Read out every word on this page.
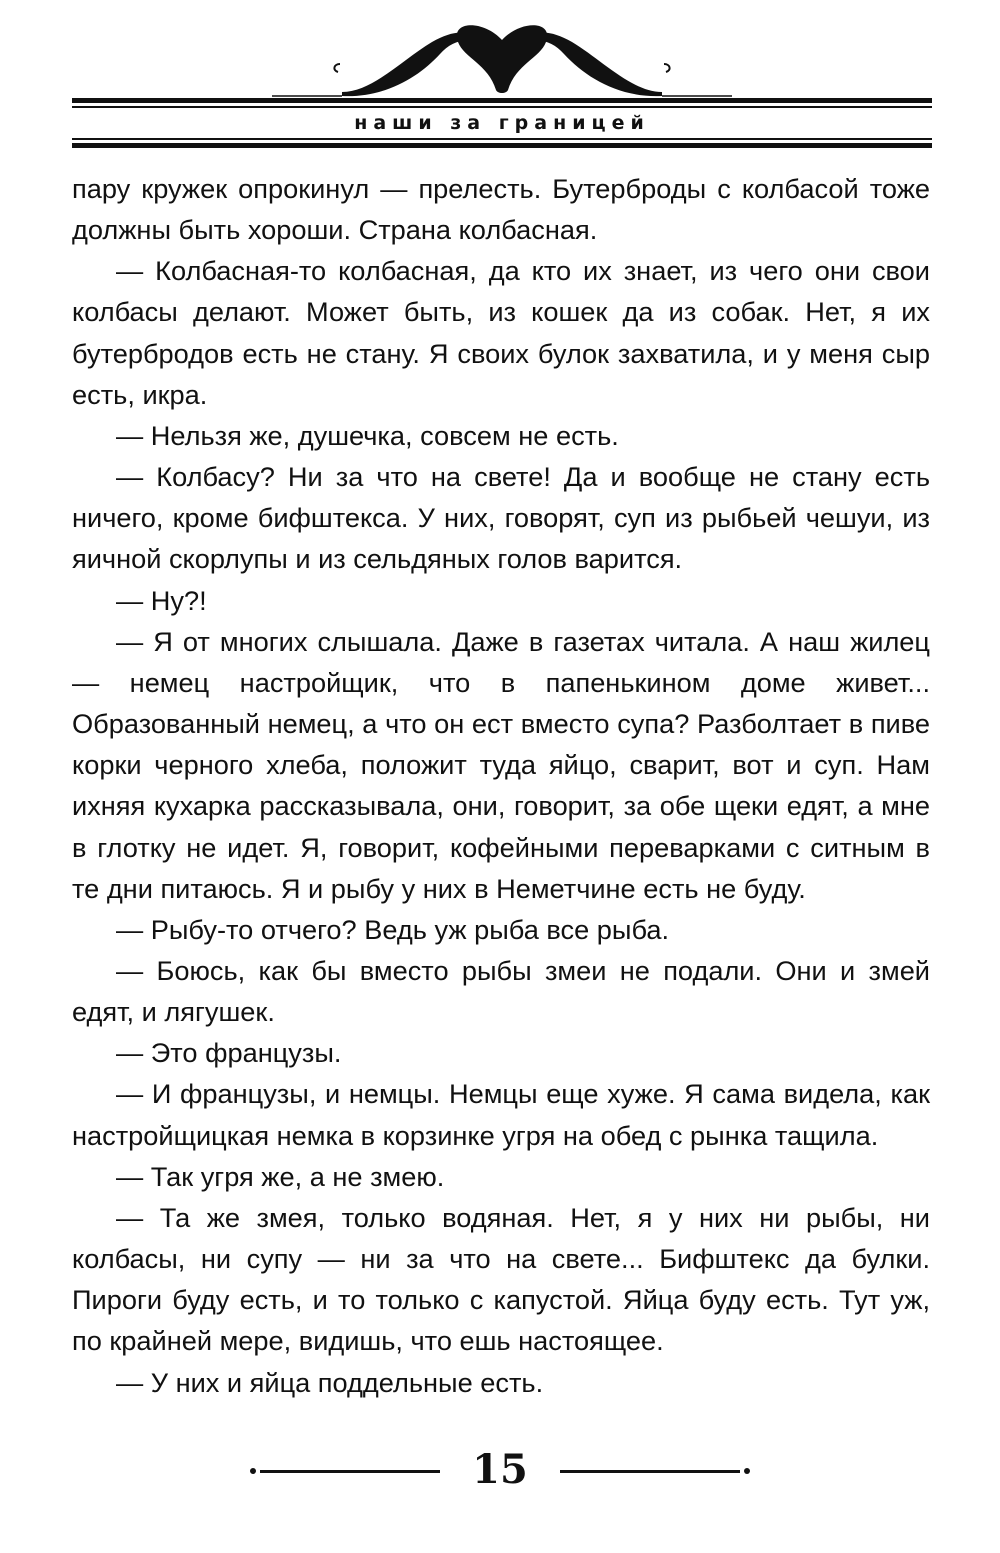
наши за границей

пару кружек опрокинул — прелесть. Бутерброды с колбасой тоже должны быть хороши. Страна колбасная.

— Колбасная-то колбасная, да кто их знает, из чего они свои колбасы делают. Может быть, из кошек да из собак. Нет, я их бутербродов есть не стану. Я своих булок захватила, и у меня сыр есть, икра.

— Нельзя же, душечка, совсем не есть.

— Колбасу? Ни за что на свете! Да и вообще не стану есть ничего, кроме бифштекса. У них, говорят, суп из рыбьей чешуи, из яичной скорлупы и из сельдяных голов варится.

— Ну?!

— Я от многих слышала. Даже в газетах читала. А наш жилец — немец настройщик, что в папенькином доме живет... Образованный немец, а что он ест вместо супа? Разболтает в пиве корки черного хлеба, положит туда яйцо, сварит, вот и суп. Нам ихняя кухарка рассказывала, они, говорит, за обе щеки едят, а мне в глотку не идет. Я, говорит, кофейными переварками с ситным в те дни питаюсь. Я и рыбу у них в Неметчине есть не буду.

— Рыбу-то отчего? Ведь уж рыба все рыба.

— Боюсь, как бы вместо рыбы змеи не подали. Они и змей едят, и лягушек.

— Это французы.

— И французы, и немцы. Немцы еще хуже. Я сама видела, как настройщицкая немка в корзинке угря на обед с рынка тащила.

— Так угря же, а не змею.

— Та же змея, только водяная. Нет, я у них ни рыбы, ни колбасы, ни супу — ни за что на свете... Бифштекс да булки. Пироги буду есть, и то только с капустой. Яйца буду есть. Тут уж, по крайней мере, видишь, что ешь настоящее.

— У них и яйца поддельные есть.

15
